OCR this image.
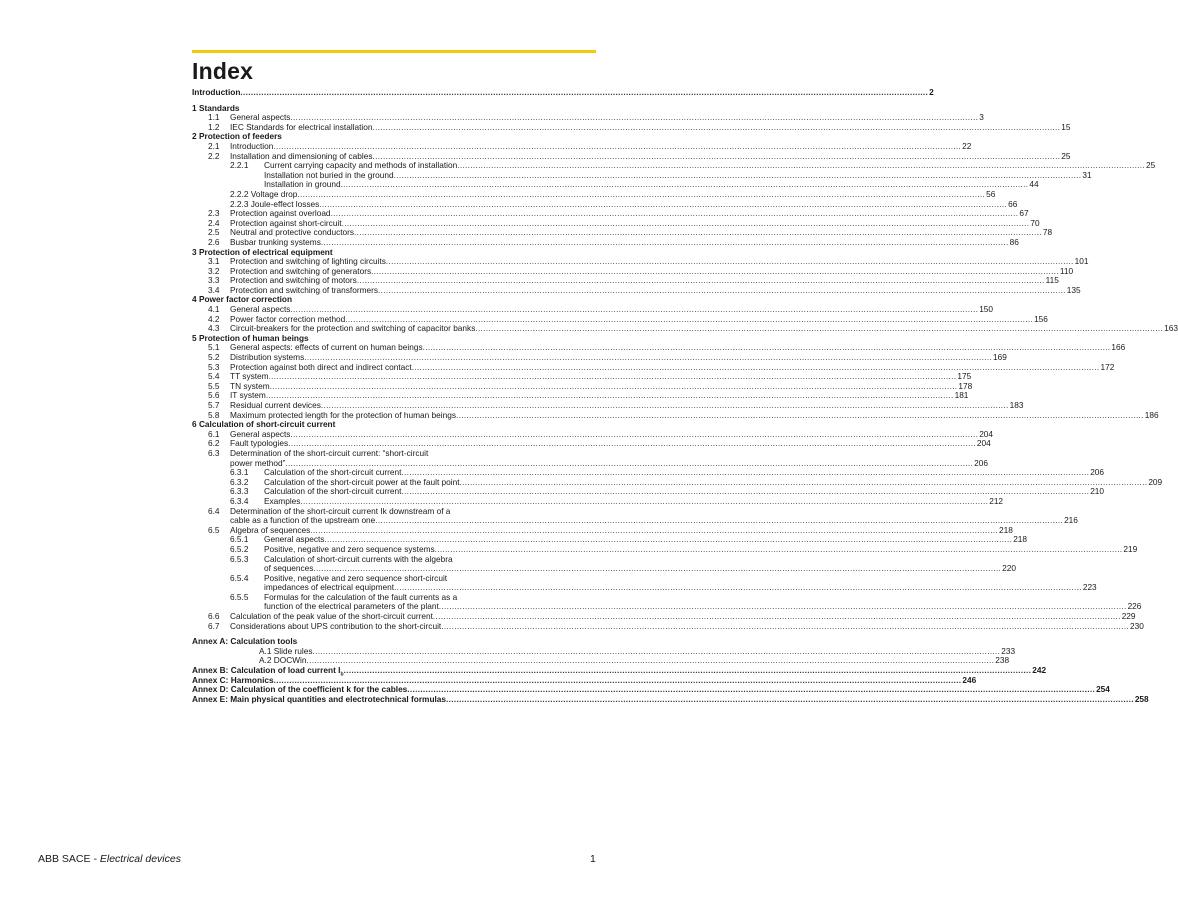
Index
Introduction .....	2
1 Standards
1.1 General aspects .....	3
1.2 IEC Standards for electrical installation .....	15
2 Protection of feeders
2.1 Introduction .....	22
2.2 Installation and dimensioning of cables .....	25
2.2.1 Current carrying capacity and methods of installation .....	25
Installation not buried in the ground .....	31
Installation in ground .....	44
2.2.2 Voltage drop .....	56
2.2.3 Joule-effect losses .....	66
2.3 Protection against overload .....	67
2.4 Protection against short-circuit .....	70
2.5 Neutral and protective conductors .....	78
2.6 Busbar trunking systems .....	86
3 Protection of electrical equipment
3.1 Protection and switching of lighting circuits .....	101
3.2 Protection and switching of generators .....	110
3.3 Protection and switching of motors .....	115
3.4 Protection and switching of transformers .....	135
4 Power factor correction
4.1 General aspects .....	150
4.2 Power factor correction method .....	156
4.3 Circuit-breakers for the protection and switching of capacitor banks .....	163
5 Protection of human beings
5.1 General aspects: effects of current on human beings .....	166
5.2 Distribution systems .....	169
5.3 Protection against both direct and indirect contact .....	172
5.4 TT system .....	175
5.5 TN system .....	178
5.6 IT system .....	181
5.7 Residual current devices .....	183
5.8 Maximum protected length for the protection of human beings .....	186
6 Calculation of short-circuit current
6.1 General aspects .....	204
6.2 Fault typologies .....	204
6.3 Determination of the short-circuit current: “short-circuit
power method” .....	206
6.3.1 Calculation of the short-circuit current .....	206
6.3.2 Calculation of the short-circuit power at the fault point .....	209
6.3.3 Calculation of the short-circuit current .....	210
6.3.4 Examples .....	212
6.4 Determination of the short-circuit current Ik downstream of a
cable as a function of the upstream one .....	216
6.5 Algebra of sequences .....	218
6.5.1 General aspects .....	218
6.5.2 Positive, negative and zero sequence systems .....	219
6.5.3 Calculation of short-circuit currents with the algebra
of sequences .....	220
6.5.4 Positive, negative and zero sequence short-circuit
impedances of electrical equipment .....	223
6.5.5 Formulas for the calculation of the fault currents as a
function of the electrical parameters of the plant .....	226
6.6 Calculation of the peak value of the short-circuit current .....	229
6.7 Considerations about UPS contribution to the short-circuit .....	230
Annex A: Calculation tools
A.1 Slide rules .....	233
A.2 DOCWin .....	238
Annex B: Calculation of load current $I_b$ .....	242
Annex C: Harmonics .....	246
Annex D: Calculation of the coefficient k for the cables .....	254
Annex E: Main physical quantities and electrotechnical formulas .....	258
ABB SACE - Electrical devices	1
